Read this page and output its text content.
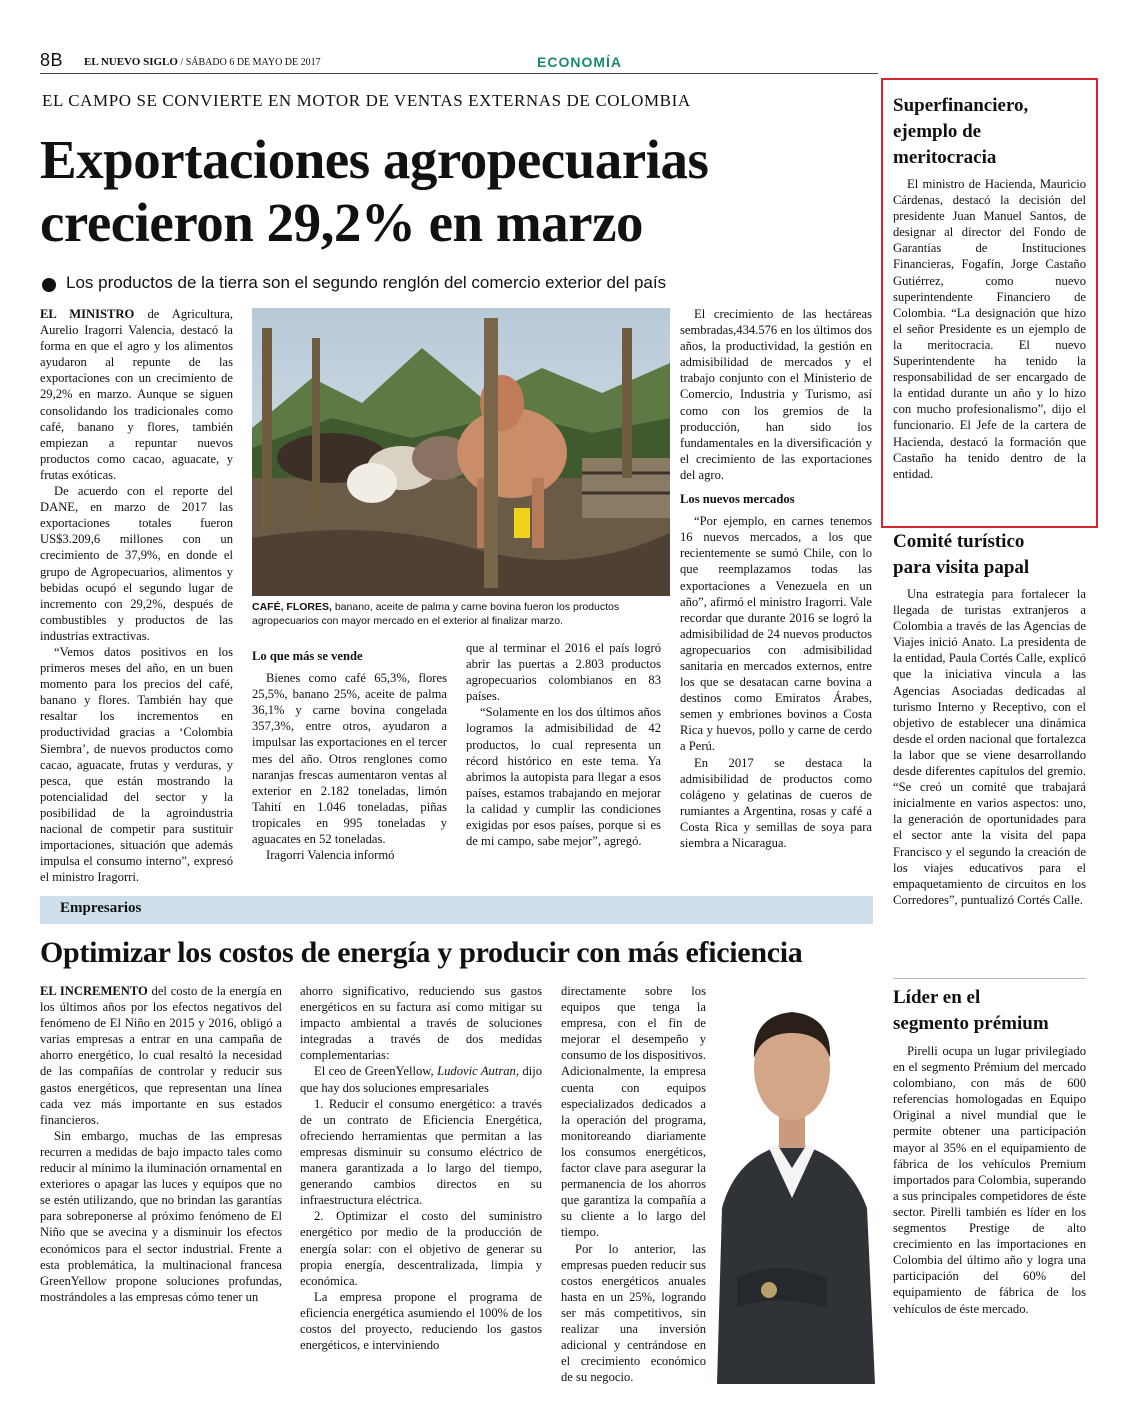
8B EL NUEVO SIGLO / SÁBADO 6 DE MAYO DE 2017	ECONOMÍA
EL CAMPO SE CONVIERTE EN MOTOR DE VENTAS EXTERNAS DE COLOMBIA
Exportaciones agropecuarias
crecieron 29,2% en marzo
Los productos de la tierra son el segundo renglón del comercio exterior del país

EL MINISTRO de Agricultura, Aurelio Iragorri Valencia, destacó la forma en que el agro y los alimentos ayudaron al repunte de las exportaciones con un crecimiento de 29,2% en marzo. Aunque se siguen consolidando los tradicionales como café, banano y flores, también empiezan a repuntar nuevos productos como cacao, aguacate, y frutas exóticas.

De acuerdo con el reporte del DANE, en marzo de 2017 las exportaciones totales fueron US$3.209,6 millones con un crecimiento de 37,9%, en donde el grupo de Agropecuarios, alimentos y bebidas ocupó el segundo lugar de incremento con 29,2%, después de combustibles y productos de las industrias extractivas.

“Vemos datos positivos en los primeros meses del año, en un buen momento para los precios del café, banano y flores. También hay que resaltar los incrementos en productividad gracias a ‘Colombia Siembra’, de nuevos productos como cacao, aguacate, frutas y verduras, y pesca, que están mostrando la potencialidad del sector y la posibilidad de la agroindustria nacional de competir para sustituir importaciones, situación que además impulsa el consumo interno”, expresó el ministro Iragorri.

CAFÉ, FLORES, banano, aceite de palma y carne bovina fueron los productos agropecuarios con mayor mercado en el exterior al finalizar marzo.

Lo que más se vende

Bienes como café 65,3%, flores 25,5%, banano 25%, aceite de palma 36,1% y carne bovina congelada 357,3%, entre otros, ayudaron a impulsar las exportaciones en el tercer mes del año. Otros renglones como naranjas frescas aumentaron ventas al exterior en 2.182 toneladas, limón Tahití en 1.046 toneladas, piñas tropicales en 995 toneladas y aguacates en 52 toneladas.

Iragorri Valencia informó

que al terminar el 2016 el país logró abrir las puertas a 2.803 productos agropecuarios colombianos en 83 países.

“Solamente en los dos últimos años logramos la admisibilidad de 42 productos, lo cual representa un récord histórico en este tema. Ya abrimos la autopista para llegar a esos países, estamos trabajando en mejorar la calidad y cumplir las condiciones exigidas por esos países, porque si es de mi campo, sabe mejor”, agregó.

El crecimiento de las hectáreas sembradas,434.576 en los últimos dos años, la productividad, la gestión en admisibilidad de mercados y el trabajo conjunto con el Ministerio de Comercio, Industria y Turismo, así como con los gremios de la producción, han sido los fundamentales en la diversificación y el crecimiento de las exportaciones del agro.

Los nuevos mercados

“Por ejemplo, en carnes tenemos 16 nuevos mercados, a los que recientemente se sumó Chile, con lo que reemplazamos todas las exportaciones a Venezuela en un año”, afirmó el ministro Iragorri. Vale recordar que durante 2016 se logró la admisibilidad de 24 nuevos productos agropecuarios con admisibilidad sanitaria en mercados externos, entre los que se desatacan carne bovina a destinos como Emiratos Árabes, semen y embriones bovinos a Costa Rica y huevos, pollo y carne de cerdo a Perú.

En 2017 se destaca la admisibilidad de productos como colágeno y gelatinas de cueros de rumiantes a Argentina, rosas y café a Costa Rica y semillas de soya para siembra a Nicaragua.

Empresarios
Optimizar los costos de energía y producir con más eficiencia

EL INCREMENTO del costo de la energía en los últimos años por los efectos negativos del fenómeno de El Niño en 2015 y 2016, obligó a varias empresas a entrar en una campaña de ahorro energético, lo cual resaltó la necesidad de las compañías de controlar y reducir sus gastos energéticos, que representan una línea cada vez más importante en sus estados financieros.

Sin embargo, muchas de las empresas recurren a medidas de bajo impacto tales como reducir al mínimo la iluminación ornamental en exteriores o apagar las luces y equipos que no se estén utilizando, que no brindan las garantías para sobreponerse al próximo fenómeno de El Niño que se avecina y a disminuir los efectos económicos para el sector industrial. Frente a esta problemática, la multinacional francesa GreenYellow propone soluciones profundas, mostrándoles a las empresas cómo tener un

ahorro significativo, reduciendo sus gastos energéticos en su factura así como mitigar su impacto ambiental a través de soluciones integradas a través de dos medidas complementarias:

El ceo de GreenYellow, Ludovic Autran, dijo que hay dos soluciones empresariales

1. Reducir el consumo energético: a través de un contrato de Eficiencia Energética, ofreciendo herramientas que permitan a las empresas disminuir su consumo eléctrico de manera garantizada a lo largo del tiempo, generando cambios directos en su infraestructura eléctrica.

2. Optimizar el costo del suministro energético por medio de la producción de energía solar: con el objetivo de generar su propia energía, descentralizada, limpia y económica.

La empresa propone el programa de eficiencia energética asumiendo el 100% de los costos del proyecto, reduciendo los gastos energéticos, e interviniendo

directamente sobre los equipos que tenga la empresa, con el fin de mejorar el desempeño y consumo de los dispositivos. Adicionalmente, la empresa cuenta con equipos especializados dedicados a la operación del programa, monitoreando diariamente los consumos energéticos, factor clave para asegurar la permanencia de los ahorros que garantiza la compañía a su cliente a lo largo del tiempo.

Por lo anterior, las empresas pueden reducir sus costos energéticos anuales hasta en un 25%, logrando ser más competitivos, sin realizar una inversión adicional y centrándose en el crecimiento económico de su negocio.

Superfinanciero,
ejemplo de
meritocracia

El ministro de Hacienda, Mauricio Cárdenas, destacó la decisión del presidente Juan Manuel Santos, de designar al director del Fondo de Garantías de Instituciones Financieras, Fogafín, Jorge Castaño Gutiérrez, como nuevo superintendente Financiero de Colombia. “La designación que hizo el señor Presidente es un ejemplo de la meritocracia. El nuevo Superintendente ha tenido la responsabilidad de ser encargado de la entidad durante un año y lo hizo con mucho profesionalismo”, dijo el funcionario. El Jefe de la cartera de Hacienda, destacó la formación que Castaño ha tenido dentro de la entidad.

Comité turístico
para visita papal

Una estrategia para fortalecer la llegada de turistas extranjeros a Colombia a través de las Agencias de Viajes inició Anato. La presidenta de la entidad, Paula Cortés Calle, explicó que la iniciativa vincula a las Agencias Asociadas dedicadas al turismo Interno y Receptivo, con el objetivo de establecer una dinámica desde el orden nacional que fortalezca la labor que se viene desarrollando desde diferentes capítulos del gremio. “Se creó un comité que trabajará inicialmente en varios aspectos: uno, la generación de oportunidades para el sector ante la visita del papa Francisco y el segundo la creación de los viajes educativos para el empaquetamiento de circuitos en los Corredores”, puntualizó Cortés Calle.

Líder en el
segmento prémium

Pirelli ocupa un lugar privilegiado en el segmento Prémium del mercado colombiano, con más de 600 referencias homologadas en Equipo Original a nivel mundial que le permite obtener una participación mayor al 35% en el equipamiento de fábrica de los vehículos Premium importados para Colombia, superando a sus principales competidores de éste sector. Pirelli también es líder en los segmentos Prestige de alto crecimiento en las importaciones en Colombia del último año y logra una participación del 60% del equipamiento de fábrica de los vehículos de éste mercado.
